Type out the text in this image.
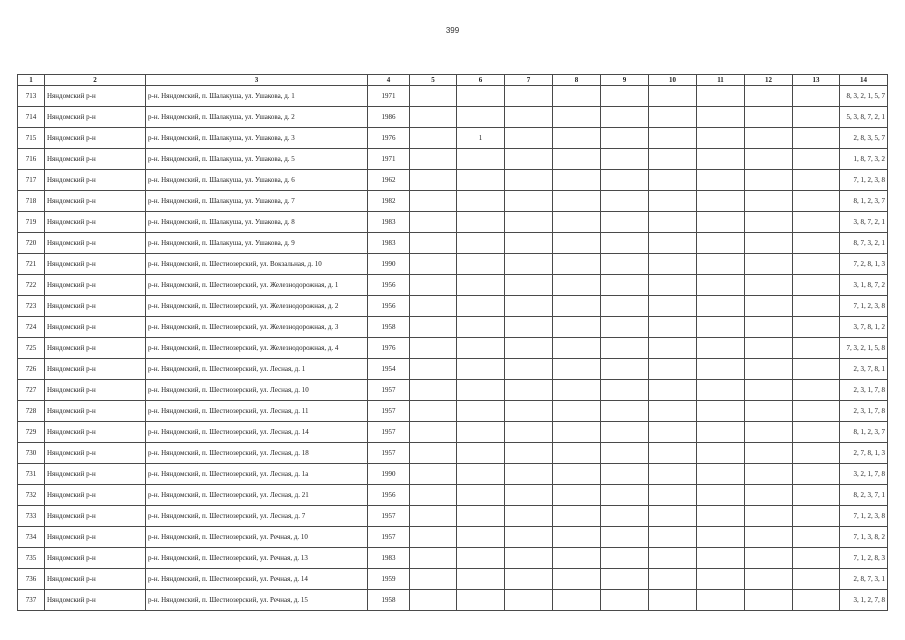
399
1	2	3	4	5	6	7	8	9	10	11	12	13	14
713	Няндомский р-н	р-н. Няндомский, п. Шалакуша, ул. Ушакова, д. 1	1971										8, 3, 2, 1, 5, 7
714	Няндомский р-н	р-н. Няндомский, п. Шалакуша, ул. Ушакова, д. 2	1986										5, 3, 8, 7, 2, 1
715	Няндомский р-н	р-н. Няндомский, п. Шалакуша, ул. Ушакова, д. 3	1976		1								2, 8, 3, 5, 7
716	Няндомский р-н	р-н. Няндомский, п. Шалакуша, ул. Ушакова, д. 5	1971										1, 8, 7, 3, 2
717	Няндомский р-н	р-н. Няндомский, п. Шалакуша, ул. Ушакова, д. 6	1962										7, 1, 2, 3, 8
718	Няндомский р-н	р-н. Няндомский, п. Шалакуша, ул. Ушакова, д. 7	1982										8, 1, 2, 3, 7
719	Няндомский р-н	р-н. Няндомский, п. Шалакуша, ул. Ушакова, д. 8	1983										3, 8, 7, 2, 1
720	Няндомский р-н	р-н. Няндомский, п. Шалакуша, ул. Ушакова, д. 9	1983										8, 7, 3, 2, 1
721	Няндомский р-н	р-н. Няндомский, п. Шестиозерский, ул. Вокзальная, д. 10	1990										7, 2, 8, 1, 3
722	Няндомский р-н	р-н. Няндомский, п. Шестиозерский, ул. Железнодорожная, д. 1	1956										3, 1, 8, 7, 2
723	Няндомский р-н	р-н. Няндомский, п. Шестиозерский, ул. Железнодорожная, д. 2	1956										7, 1, 2, 3, 8
724	Няндомский р-н	р-н. Няндомский, п. Шестиозерский, ул. Железнодорожная, д. 3	1958										3, 7, 8, 1, 2
725	Няндомский р-н	р-н. Няндомский, п. Шестиозерский, ул. Железнодорожная, д. 4	1976										7, 3, 2, 1, 5, 8
726	Няндомский р-н	р-н. Няндомский, п. Шестиозерский, ул. Лесная, д. 1	1954										2, 3, 7, 8, 1
727	Няндомский р-н	р-н. Няндомский, п. Шестиозерский, ул. Лесная, д. 10	1957										2, 3, 1, 7, 8
728	Няндомский р-н	р-н. Няндомский, п. Шестиозерский, ул. Лесная, д. 11	1957										2, 3, 1, 7, 8
729	Няндомский р-н	р-н. Няндомский, п. Шестиозерский, ул. Лесная, д. 14	1957										8, 1, 2, 3, 7
730	Няндомский р-н	р-н. Няндомский, п. Шестиозерский, ул. Лесная, д. 18	1957										2, 7, 8, 1, 3
731	Няндомский р-н	р-н. Няндомский, п. Шестиозерский, ул. Лесная, д. 1а	1990										3, 2, 1, 7, 8
732	Няндомский р-н	р-н. Няндомский, п. Шестиозерский, ул. Лесная, д. 21	1956										8, 2, 3, 7, 1
733	Няндомский р-н	р-н. Няндомский, п. Шестиозерский, ул. Лесная, д. 7	1957										7, 1, 2, 3, 8
734	Няндомский р-н	р-н. Няндомский, п. Шестиозерский, ул. Речная, д. 10	1957										7, 1, 3, 8, 2
735	Няндомский р-н	р-н. Няндомский, п. Шестиозерский, ул. Речная, д. 13	1983										7, 1, 2, 8, 3
736	Няндомский р-н	р-н. Няндомский, п. Шестиозерский, ул. Речная, д. 14	1959										2, 8, 7, 3, 1
737	Няндомский р-н	р-н. Няндомский, п. Шестиозерский, ул. Речная, д. 15	1958										3, 1, 2, 7, 8
